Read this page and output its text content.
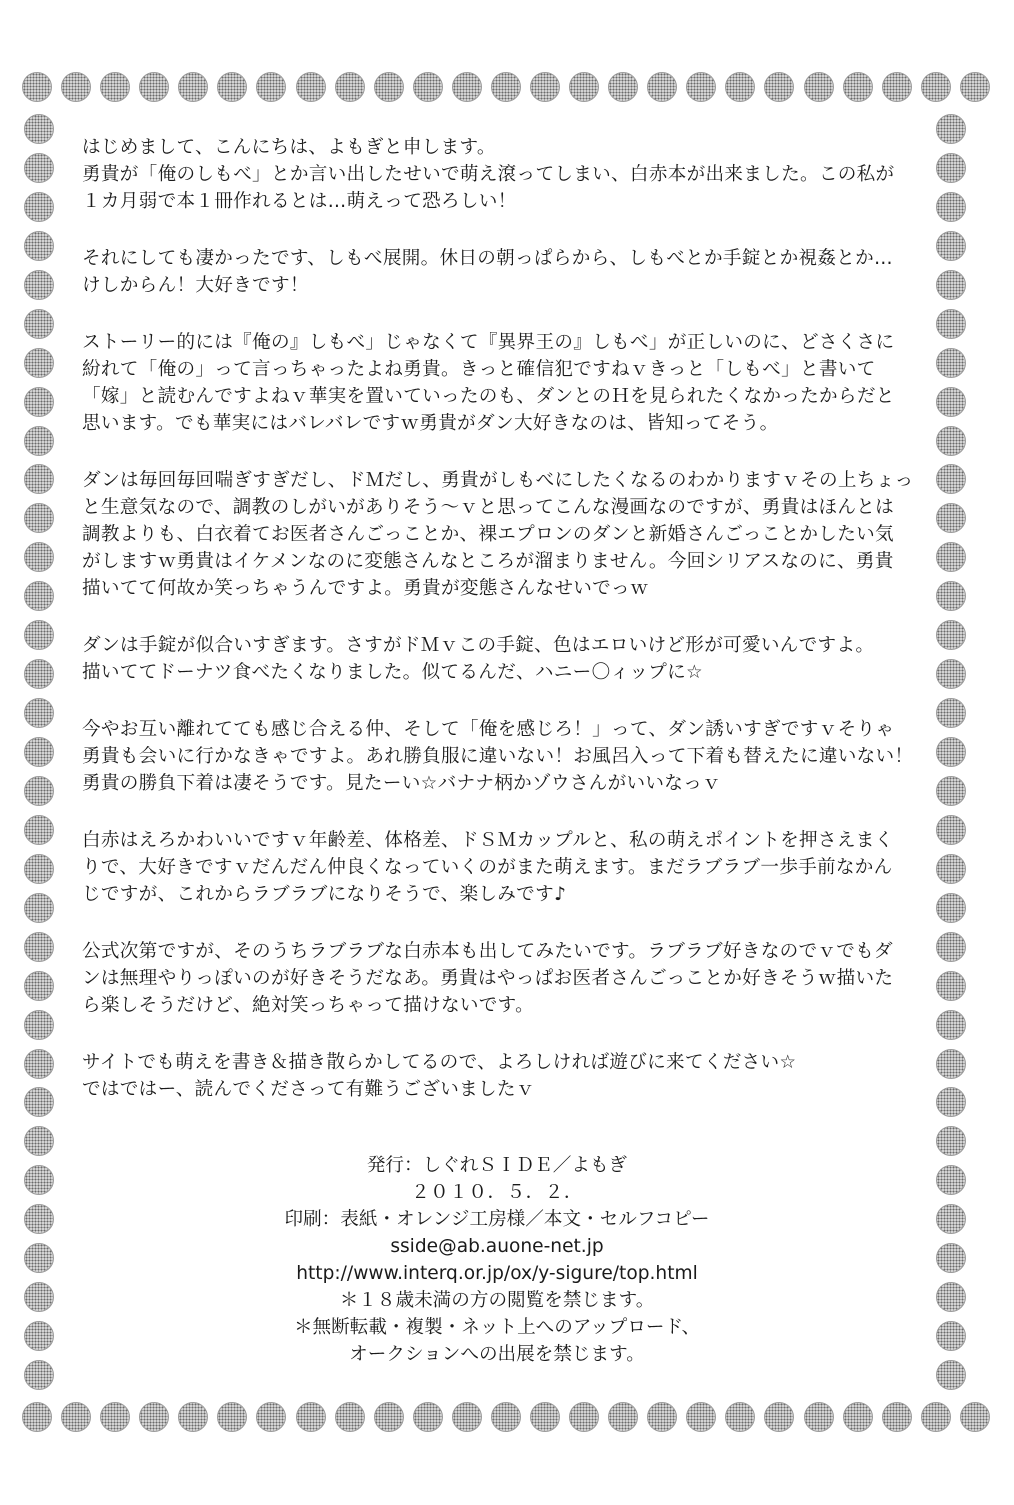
はじめまして、こんにちは、よもぎと申します。
勇貴が「俺のしもべ」とか言い出したせいで萌え滾ってしまい、白赤本が出来ました。この私が
１カ月弱で本１冊作れるとは…萌えって恐ろしい！
それにしても凄かったです、しもべ展開。休日の朝っぱらから、しもべとか手錠とか視姦とか…
けしからん！大好きです！
ストーリー的には『俺の』しもべ」じゃなくて『異界王の』しもべ」が正しいのに、どさくさに
紛れて「俺の」って言っちゃったよね勇貴。きっと確信犯ですねｖきっと「しもべ」と書いて
「嫁」と読むんですよねｖ華実を置いていったのも、ダンとのＨを見られたくなかったからだと
思います。でも華実にはバレバレですｗ勇貴がダン大好きなのは、皆知ってそう。
ダンは毎回毎回喘ぎすぎだし、ドＭだし、勇貴がしもべにしたくなるのわかりますｖその上ちょっ
と生意気なので、調教のしがいがありそう～ｖと思ってこんな漫画なのですが、勇貴はほんとは
調教よりも、白衣着てお医者さんごっことか、裸エプロンのダンと新婚さんごっことかしたい気
がしますｗ勇貴はイケメンなのに変態さんなところが溜まりません。今回シリアスなのに、勇貴
描いてて何故か笑っちゃうんですよ。勇貴が変態さんなせいでっｗ
ダンは手錠が似合いすぎます。さすがドＭｖこの手錠、色はエロいけど形が可愛いんですよ。
描いててドーナツ食べたくなりました。似てるんだ、ハニー〇ィップに☆
今やお互い離れてても感じ合える仲、そして「俺を感じろ！」って、ダン誘いすぎですｖそりゃ
勇貴も会いに行かなきゃですよ。あれ勝負服に違いない！お風呂入って下着も替えたに違いない！
勇貴の勝負下着は凄そうです。見たーい☆バナナ柄かゾウさんがいいなっｖ
白赤はえろかわいいですｖ年齢差、体格差、ドＳＭカップルと、私の萌えポイントを押さえまく
りで、大好きですｖだんだん仲良くなっていくのがまた萌えます。まだラブラブ一歩手前なかん
じですが、これからラブラブになりそうで、楽しみです♪
公式次第ですが、そのうちラブラブな白赤本も出してみたいです。ラブラブ好きなのでｖでもダ
ンは無理やりっぽいのが好きそうだなあ。勇貴はやっぱお医者さんごっことか好きそうｗ描いた
ら楽しそうだけど、絶対笑っちゃって描けないです。
サイトでも萌えを書き＆描き散らかしてるので、よろしければ遊びに来てください☆
ではではー、読んでくださって有難うございましたｖ
発行：しぐれＳＩＤＥ／よもぎ
２０１０．５．２．
印刷：表紙・オレンジ工房様／本文・セルフコピー
sside@ab.auone-net.jp
http://www.interq.or.jp/ox/y-sigure/top.html
＊１８歳未満の方の閲覧を禁じます。
＊無断転載・複製・ネット上へのアップロード、
オークションへの出展を禁じます。
